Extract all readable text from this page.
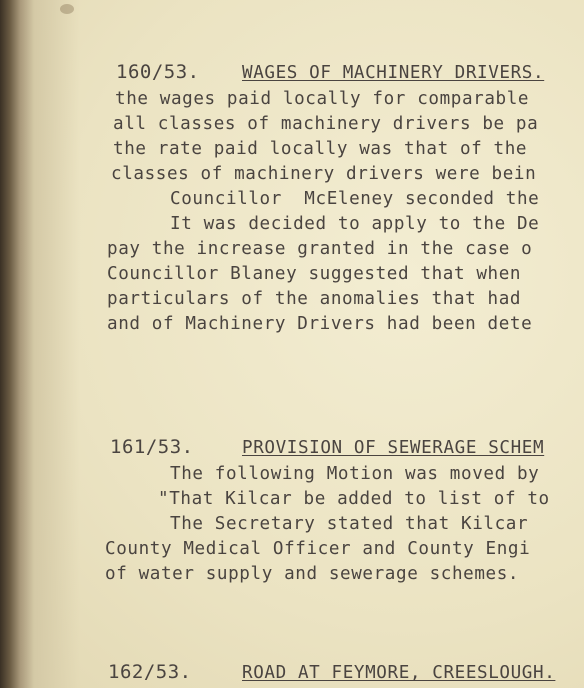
160/53. WAGES OF MACHINERY DRIVERS.
the wages paid locally for comparable
all classes of machinery drivers be pa
the rate paid locally was that of the
classes of machinery drivers were bein
Councillor  McEleney seconded the
It was decided to apply to the De
pay the increase granted in the case o
Councillor Blaney suggested that when
particulars of the anomalies that had
and of Machinery Drivers had been dete
161/53.	PROVISION OF SEWERAGE SCHEM
The following Motion was moved by
"That Kilcar be added to list of to
The Secretary stated that Kilcar
County Medical Officer and County Engi
of water supply and sewerage schemes.
162/53.	ROAD AT FEYMORE, CREESLOUGH.
